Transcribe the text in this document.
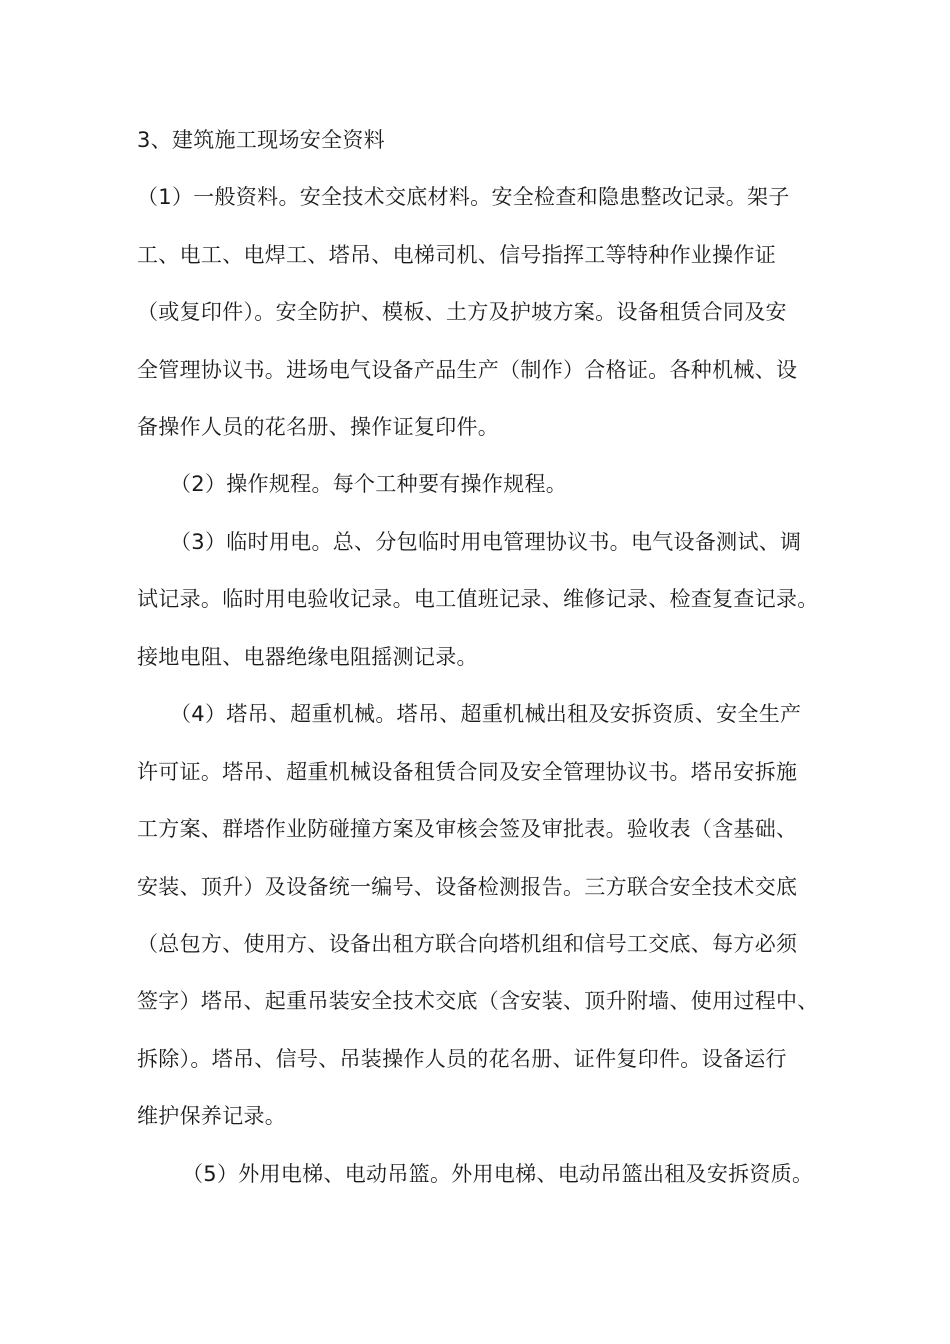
3、建筑施工现场安全资料
（1）一般资料。安全技术交底材料。安全检查和隐患整改记录。架子
工、电工、电焊工、塔吊、电梯司机、信号指挥工等特种作业操作证
（或复印件）。安全防护、模板、土方及护坡方案。设备租赁合同及安
全管理协议书。进场电气设备产品生产（制作）合格证。各种机械、设
备操作人员的花名册、操作证复印件。
（2）操作规程。每个工种要有操作规程。
（3）临时用电。总、分包临时用电管理协议书。电气设备测试、调
试记录。临时用电验收记录。电工值班记录、维修记录、检查复查记录。
接地电阻、电器绝缘电阻摇测记录。
（4）塔吊、超重机械。塔吊、超重机械出租及安拆资质、安全生产
许可证。塔吊、超重机械设备租赁合同及安全管理协议书。塔吊安拆施
工方案、群塔作业防碰撞方案及审核会签及审批表。验收表（含基础、
安装、顶升）及设备统一编号、设备检测报告。三方联合安全技术交底
（总包方、使用方、设备出租方联合向塔机组和信号工交底、每方必须
签字）塔吊、起重吊装安全技术交底（含安装、顶升附墙、使用过程中、
拆除）。塔吊、信号、吊装操作人员的花名册、证件复印件。设备运行
维护保养记录。
（5）外用电梯、电动吊篮。外用电梯、电动吊篮出租及安拆资质。
